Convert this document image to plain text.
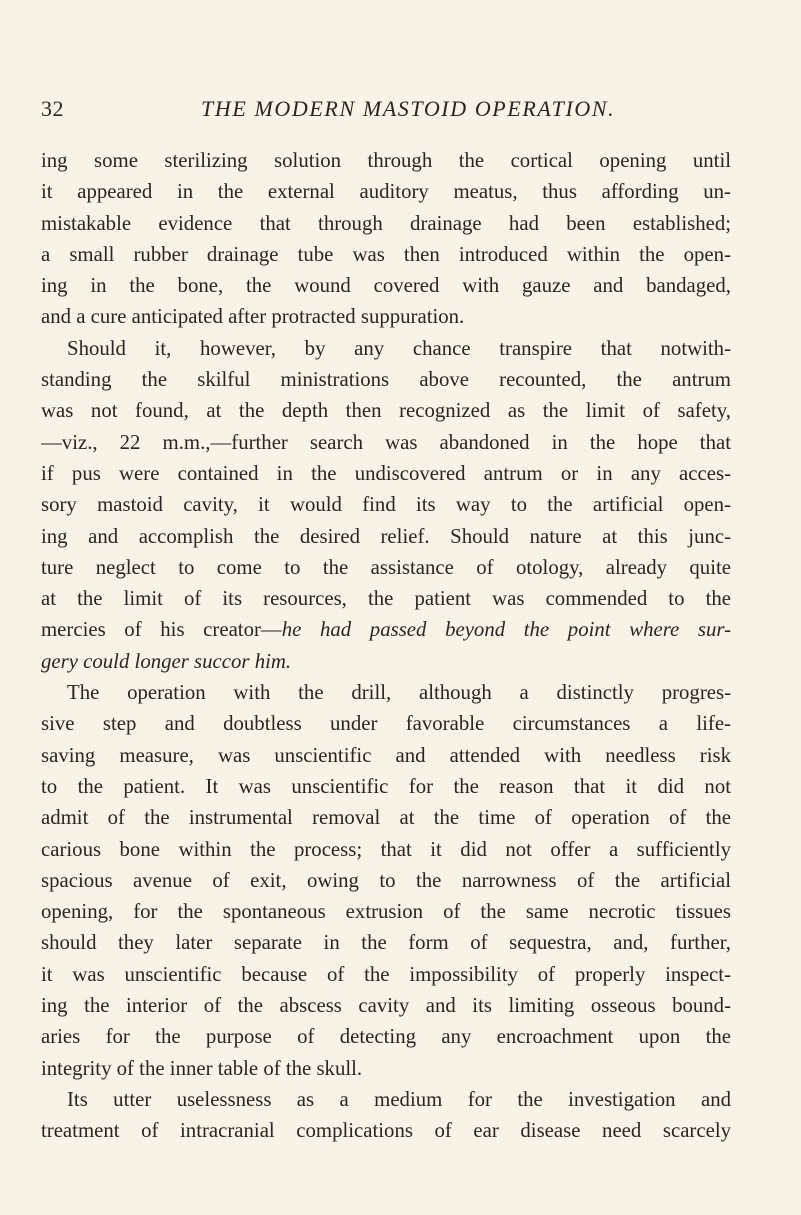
32	THE MODERN MASTOID OPERATION.
ing some sterilizing solution through the cortical opening until
it appeared in the external auditory meatus, thus affording un-
mistakable evidence that through drainage had been established;
a small rubber drainage tube was then introduced within the open-
ing in the bone, the wound covered with gauze and bandaged,
and a cure anticipated after protracted suppuration.
Should it, however, by any chance transpire that notwith-
standing the skilful ministrations above recounted, the antrum
was not found, at the depth then recognized as the limit of safety,
—viz., 22 m.m.,—further search was abandoned in the hope that
if pus were contained in the undiscovered antrum or in any acces-
sory mastoid cavity, it would find its way to the artificial open-
ing and accomplish the desired relief. Should nature at this junc-
ture neglect to come to the assistance of otology, already quite
at the limit of its resources, the patient was commended to the
mercies of his creator—he had passed beyond the point where sur-
gery could longer succor him.
The operation with the drill, although a distinctly progres-
sive step and doubtless under favorable circumstances a life-
saving measure, was unscientific and attended with needless risk
to the patient. It was unscientific for the reason that it did not
admit of the instrumental removal at the time of operation of the
carious bone within the process; that it did not offer a sufficiently
spacious avenue of exit, owing to the narrowness of the artificial
opening, for the spontaneous extrusion of the same necrotic tissues
should they later separate in the form of sequestra, and, further,
it was unscientific because of the impossibility of properly inspect-
ing the interior of the abscess cavity and its limiting osseous bound-
aries for the purpose of detecting any encroachment upon the
integrity of the inner table of the skull.
Its utter uselessness as a medium for the investigation and
treatment of intracranial complications of ear disease need scarcely
